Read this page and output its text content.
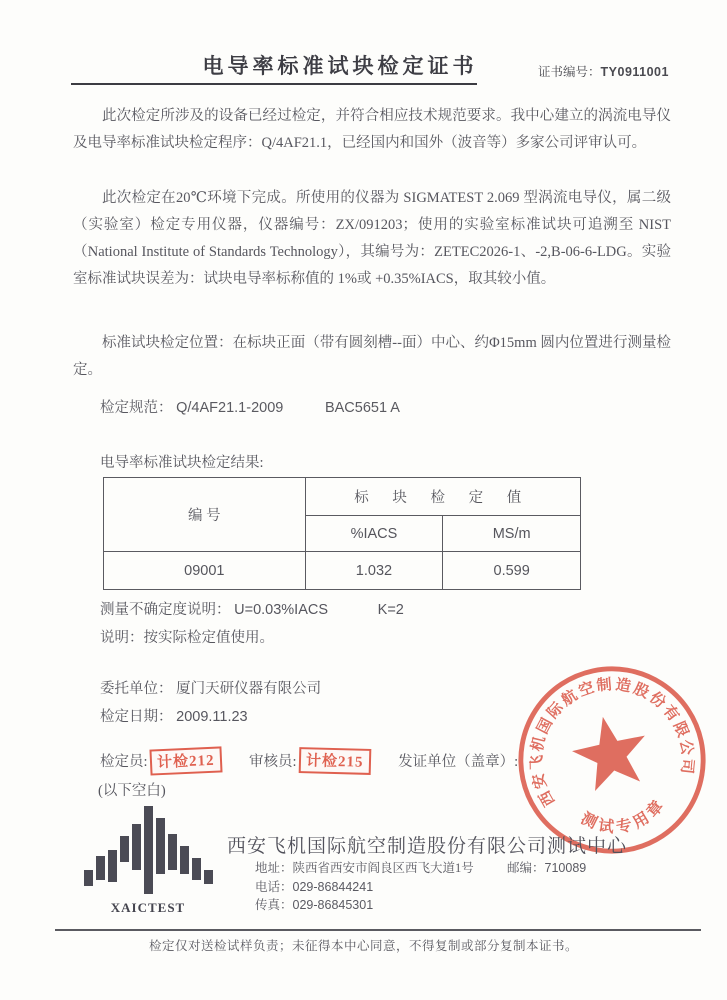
电导率标准试块检定证书	证书编号：TY0911001
此次检定所涉及的设备已经过检定，并符合相应技术规范要求。我中心建立的涡流电导仪及电导率标准试块检定程序：Q/4AF21.1，已经国内和国外（波音等）多家公司评审认可。
此次检定在20℃环境下完成。所使用的仪器为 SIGMATEST 2.069 型涡流电导仪，属二级（实验室）检定专用仪器，仪器编号：ZX/091203；使用的实验室标准试块可追溯至 NIST（National Institute of Standards Technology），其编号为：ZETEC2026-1、-2,B-06-6-LDG。实验室标准试块误差为：试块电导率标称值的 1%或 +0.35%IACS，取其较小值。
标准试块检定位置：在标块正面（带有圆刻槽--面）中心、约Φ15mm 圆内位置进行测量检定。
检定规范： Q/4AF21.1-2009	BAC5651 A
电导率标准试块检定结果:
编 号	标 块 检 定 值	
	%IACS	MS/m
09001	1.032	0.599
测量不确定度说明： U=0.03%IACS	K=2
说明：按实际检定值使用。
委托单位： 厦门天研仪器有限公司
检定日期： 2009.11.23
检定员: 计检212 审核员: 计检215 发证单位（盖章）:
(以下空白)	西安飞机国际航空制造股份有限公司
测试专用章
XAICTEST
西安飞机国际航空制造股份有限公司测试中心
地址：陕西省西安市阎良区西飞大道1号	邮编：710089
电话：029-86844241
传真：029-86845301
检定仅对送检试样负责；未征得本中心同意，不得复制或部分复制本证书。
